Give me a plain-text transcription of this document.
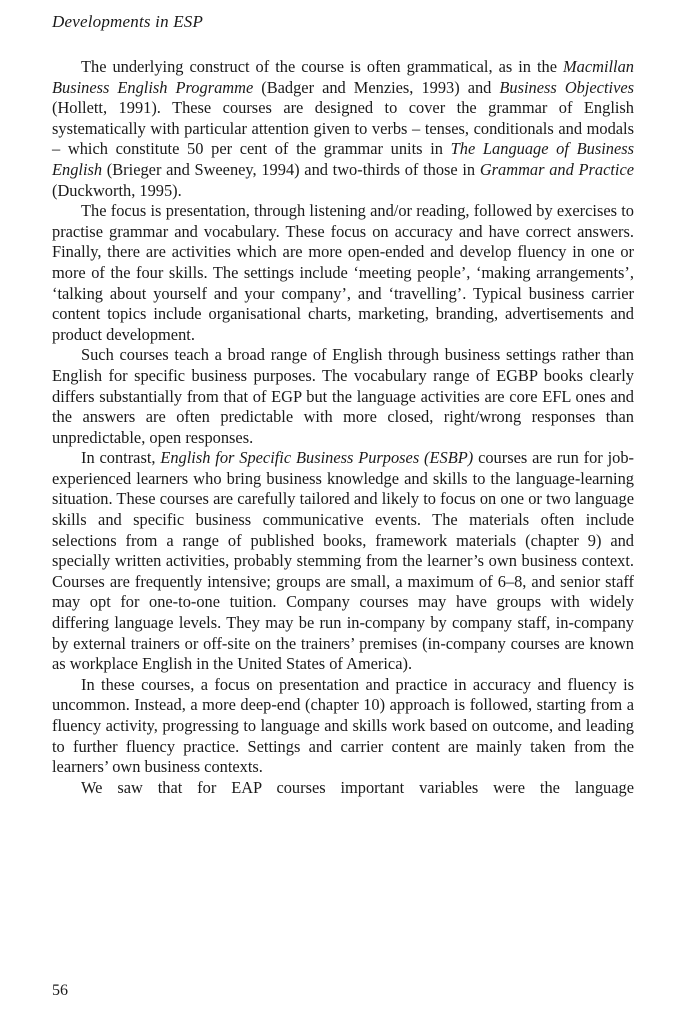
Developments in ESP

The underlying construct of the course is often grammatical, as in the Macmillan Business English Programme (Badger and Menzies, 1993) and Business Objectives (Hollett, 1991). These courses are designed to cover the grammar of English systematically with particular attention given to verbs – tenses, conditionals and modals – which constitute 50 per cent of the grammar units in The Language of Business English (Brieger and Sweeney, 1994) and two-thirds of those in Grammar and Practice (Duckworth, 1995).

The focus is presentation, through listening and/or reading, followed by exercises to practise grammar and vocabulary. These focus on accuracy and have correct answers. Finally, there are activities which are more open-ended and develop fluency in one or more of the four skills. The settings include ‘meeting people’, ‘making arrangements’, ‘talking about yourself and your company’, and ‘travelling’. Typical business carrier content topics include organisational charts, marketing, branding, advertisements and product development.

Such courses teach a broad range of English through business settings rather than English for specific business purposes. The vocabulary range of EGBP books clearly differs substantially from that of EGP but the language activities are core EFL ones and the answers are often predictable with more closed, right/wrong responses than unpredictable, open responses.

In contrast, English for Specific Business Purposes (ESBP) courses are run for job-experienced learners who bring business knowledge and skills to the language-learning situation. These courses are carefully tailored and likely to focus on one or two language skills and specific business communicative events. The materials often include selections from a range of published books, framework materials (chapter 9) and specially written activities, probably stemming from the learner’s own business context. Courses are frequently intensive; groups are small, a maximum of 6–8, and senior staff may opt for one-to-one tuition. Company courses may have groups with widely differing language levels. They may be run in-company by company staff, in-company by external trainers or off-site on the trainers’ premises (in-company courses are known as workplace English in the United States of America).

In these courses, a focus on presentation and practice in accuracy and fluency is uncommon. Instead, a more deep-end (chapter 10) approach is followed, starting from a fluency activity, progressing to language and skills work based on outcome, and leading to further fluency practice. Settings and carrier content are mainly taken from the learners’ own business contexts.

We saw that for EAP courses important variables were the language

56
